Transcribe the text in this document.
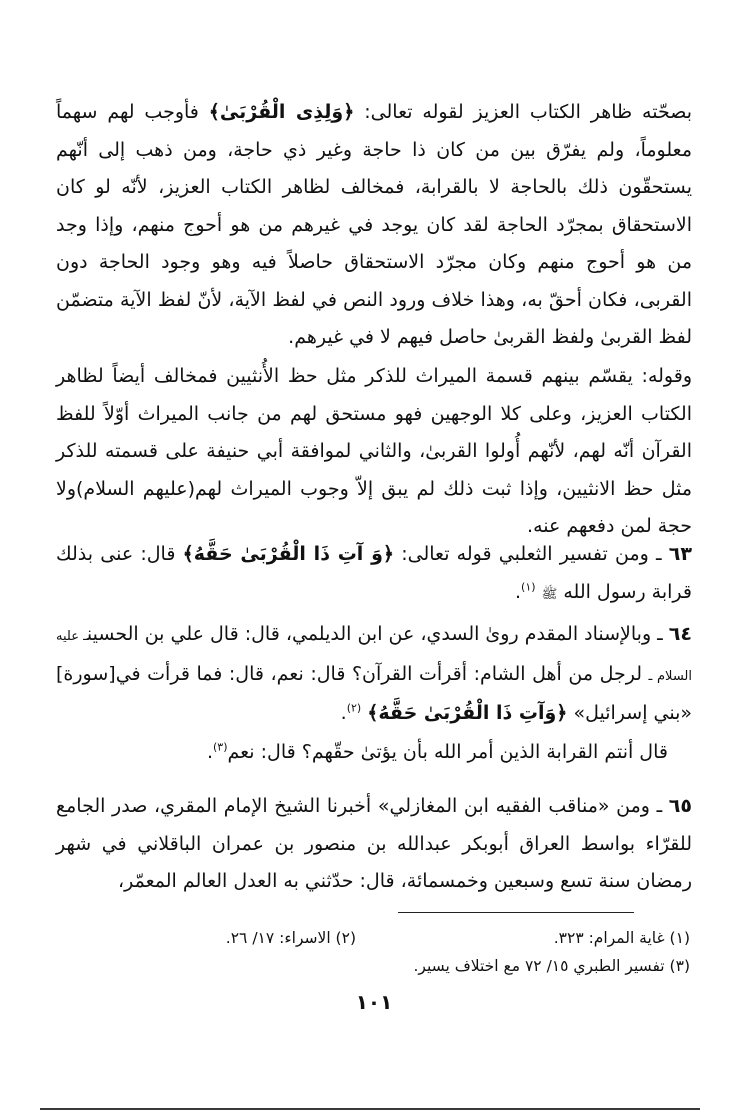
بصحّته ظاهر الكتاب العزيز لقوله تعالى: ﴿وَلِذِى الْقُرْبَىٰ﴾ فأوجب لهم سهماً معلوماً، ولم يفرّق بين من كان ذا حاجة وغير ذي حاجة، ومن ذهب إلى أنّهم يستحقّون ذلك بالحاجة لا بالقرابة، فمخالف لظاهر الكتاب العزيز، لأنّه لو كان الاستحقاق بمجرّد الحاجة لقد كان يوجد في غيرهم من هو أحوج منهم، وإذا وجد من هو أحوج منهم وكان مجرّد الاستحقاق حاصلاً فيه وهو وجود الحاجة دون القربى، فكان أحقّ به، وهذا خلاف ورود النص في لفظ الآية، لأنّ لفظ الآية متضمّن لفظ القربىٰ ولفظ القربىٰ حاصل فيهم لا في غيرهم.

وقوله: يقسّم بينهم قسمة الميراث للذكر مثل حظ الأُنثيين فمخالف أيضاً لظاهر الكتاب العزيز، وعلى كلا الوجهين فهو مستحق لهم من جانب الميراث أوّلاً للفظ القرآن أنّه لهم، لأنّهم أُولوا القربىٰ، والثاني لموافقة أبي حنيفة على قسمته للذكر مثل حظ الانثيين، وإذا ثبت ذلك لم يبق إلاّ وجوب الميراث لهم(عليهم السلام)ولا حجة لمن دفعهم عنه.

٦٣ ـ ومن تفسير الثعلبي قوله تعالى: ﴿وَ آتِ ذَا الْقُرْبَىٰ حَقَّهُ﴾ قال: عنى بذلك قرابة رسول الله ﷺ $^{(١)}$.

٦٤ ـ وبالإسناد المقدم روىٰ السدي، عن ابن الديلمي، قال: قال علي بن الحسينـ عليه السلام ـ لرجل من أهل الشام: أقرأت القرآن؟ قال: نعم، قال: فما قرأت في[سورة] «بني إسرائيل» ﴿وَآتِ ذَا الْقُرْبَىٰ حَقَّهُ﴾ $^{(٢)}$.

قال أنتم القرابة الذين أمر الله بأن يؤتىٰ حقّهم؟ قال: نعم$^{(٣)}$.

٦٥ ـ ومن «مناقب الفقيه ابن المغازلي» أخبرنا الشيخ الإمام المقري، صدر الجامع للقرّاء بواسط العراق أبوبكر عبدالله بن منصور بن عمران الباقلاني في شهر رمضان سنة تسع وسبعين وخمسمائة، قال: حدّثني به العدل العالم المعمّر،

(١) غاية المرام: ٣٢٣.

(٢) الاسراء: ١٧/ ٢٦.

(٣) تفسير الطبري ١٥/ ٧٢ مع اختلاف يسير.

١٠١
